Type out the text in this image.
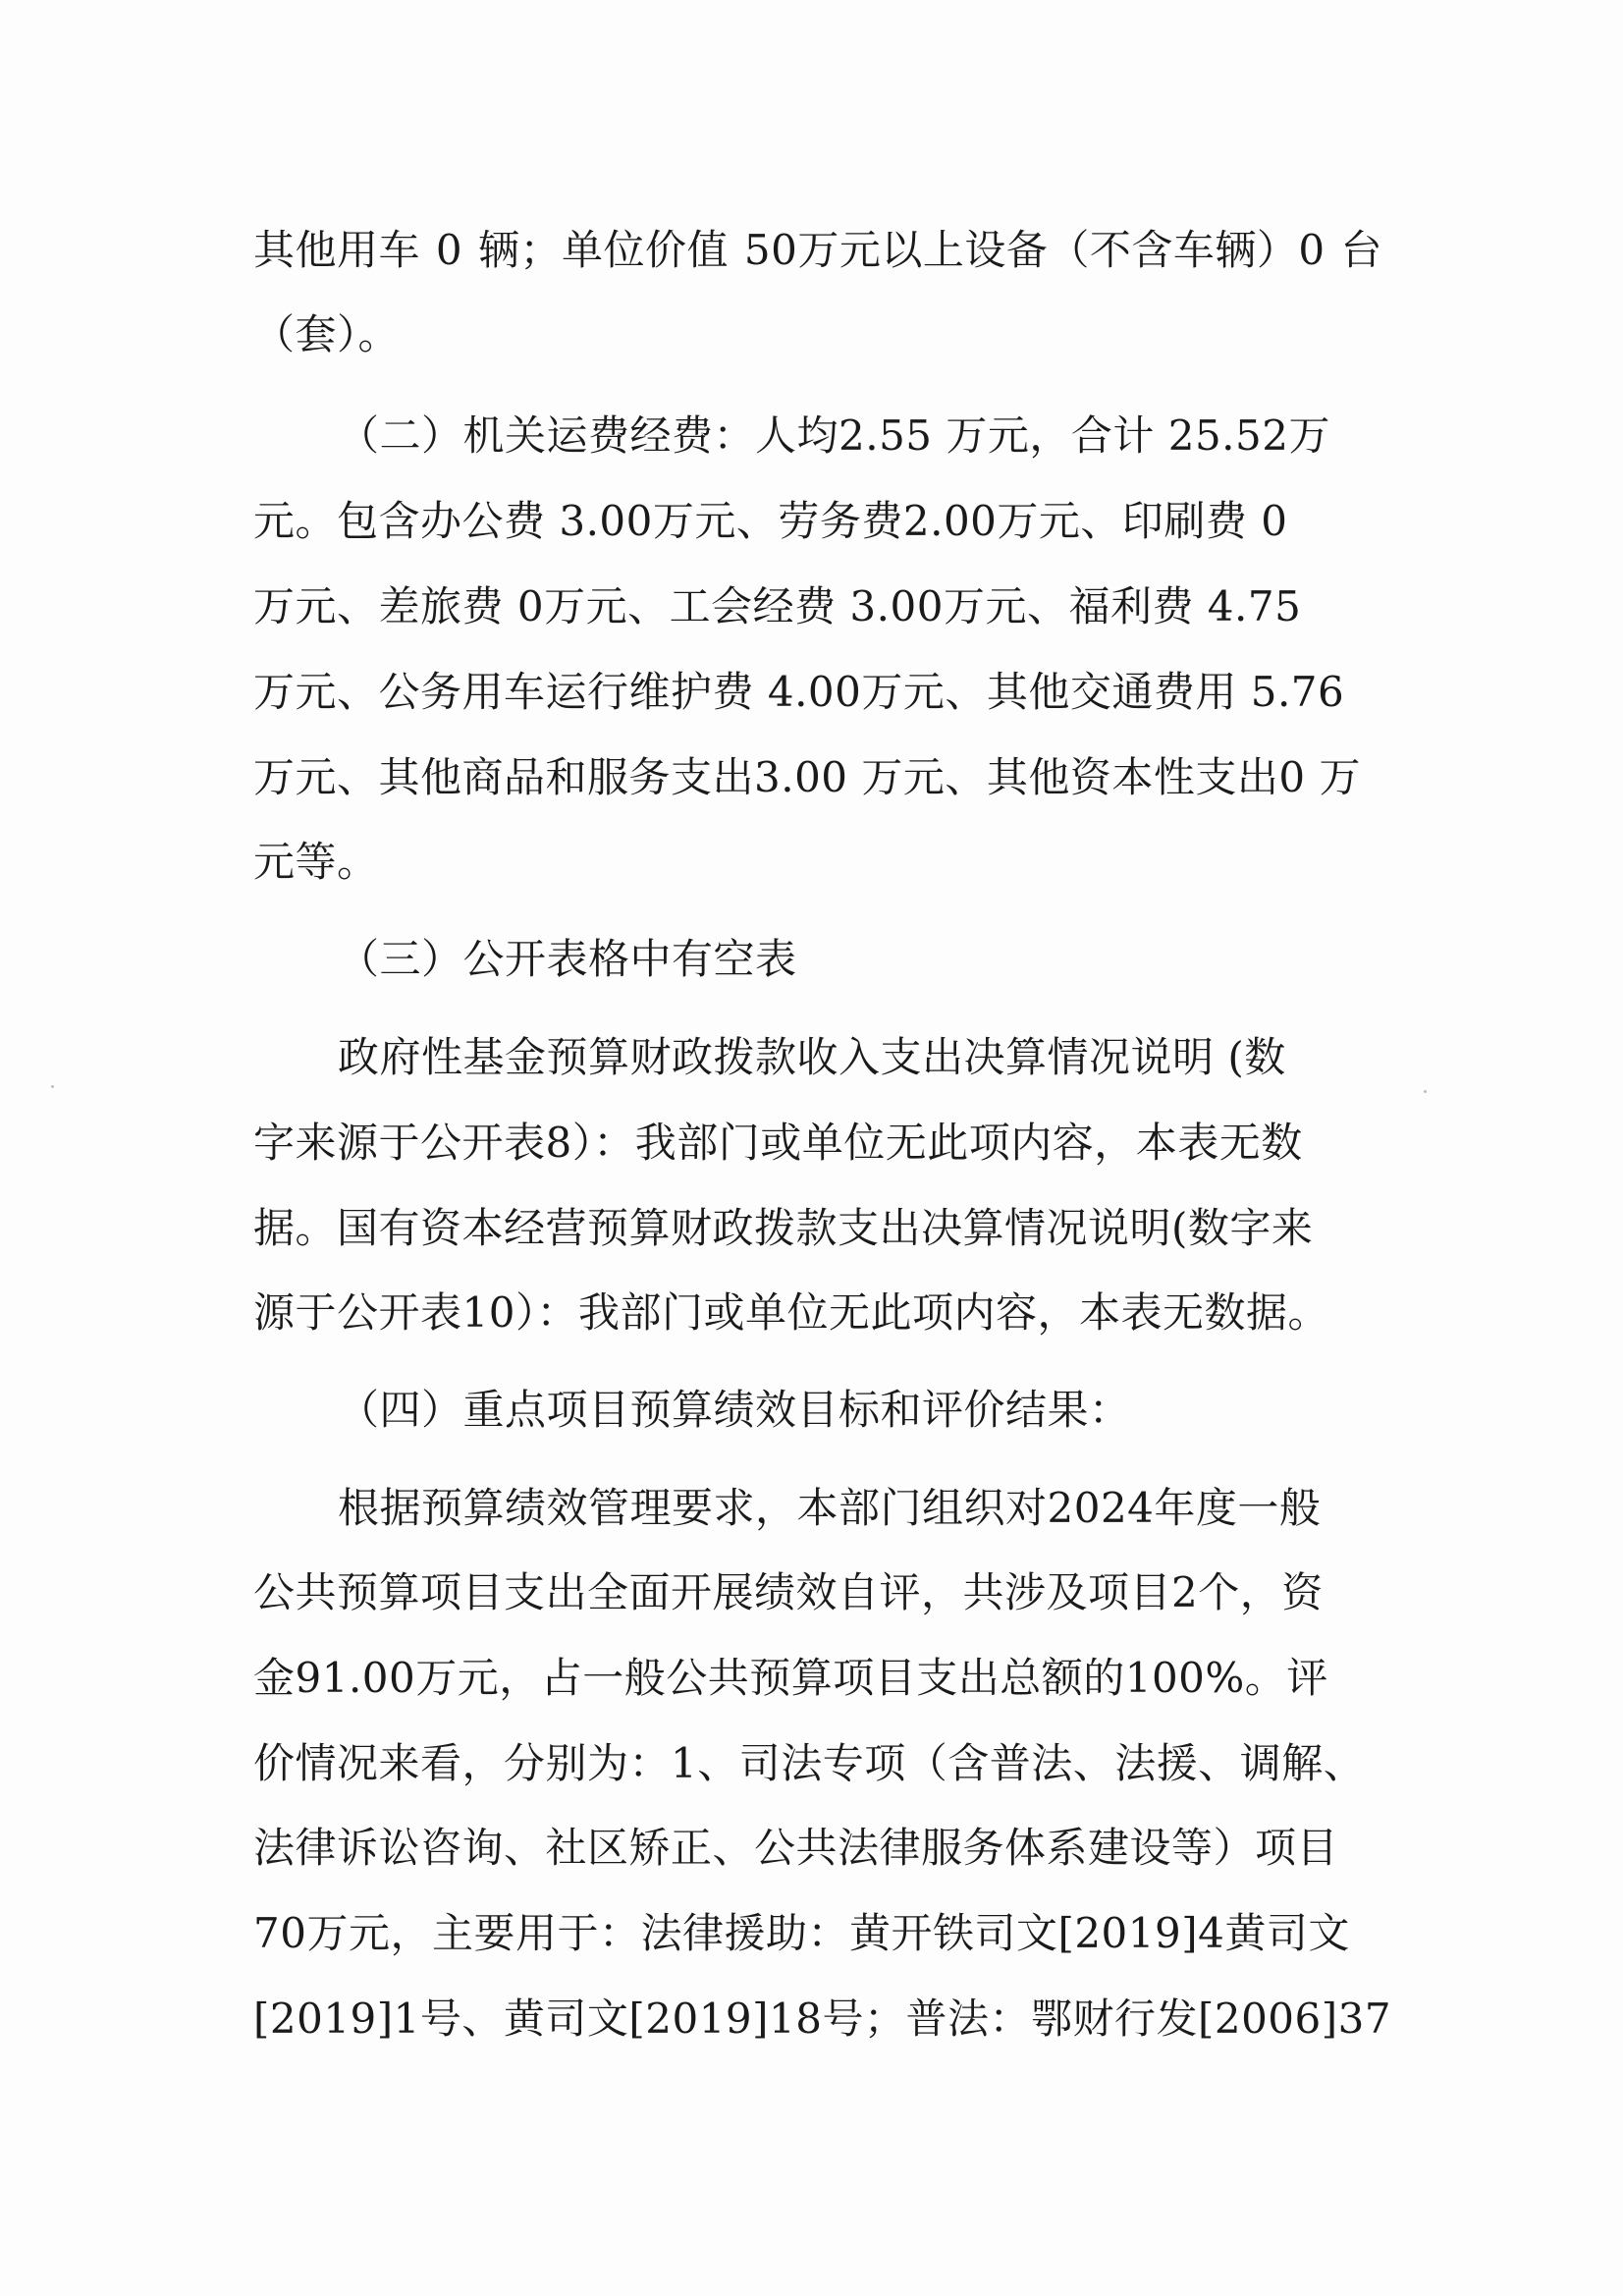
其他用车 0 辆；单位价值 50万元以上设备（不含车辆）0 台
（套）。
（二）机关运费经费：人均2.55 万元，合计 25.52万
元。包含办公费 3.00万元、劳务费2.00万元、印刷费 0
万元、差旅费 0万元、工会经费 3.00万元、福利费 4.75
万元、公务用车运行维护费 4.00万元、其他交通费用 5.76
万元、其他商品和服务支出3.00 万元、其他资本性支出0 万
元等。
（三）公开表格中有空表
政府性基金预算财政拨款收入支出决算情况说明 (数
字来源于公开表8）：我部门或单位无此项内容，本表无数
据。国有资本经营预算财政拨款支出决算情况说明(数字来
源于公开表10）：我部门或单位无此项内容，本表无数据。
（四）重点项目预算绩效目标和评价结果：
根据预算绩效管理要求，本部门组织对2024年度一般
公共预算项目支出全面开展绩效自评，共涉及项目2个，资
金91.00万元，占一般公共预算项目支出总额的100%。评
价情况来看，分别为：1、司法专项（含普法、法援、调解、
法律诉讼咨询、社区矫正、公共法律服务体系建设等）项目
70万元，主要用于：法律援助：黄开铁司文[2019]4黄司文
[2019]1号、黄司文[2019]18号；普法：鄂财行发[2006]37
